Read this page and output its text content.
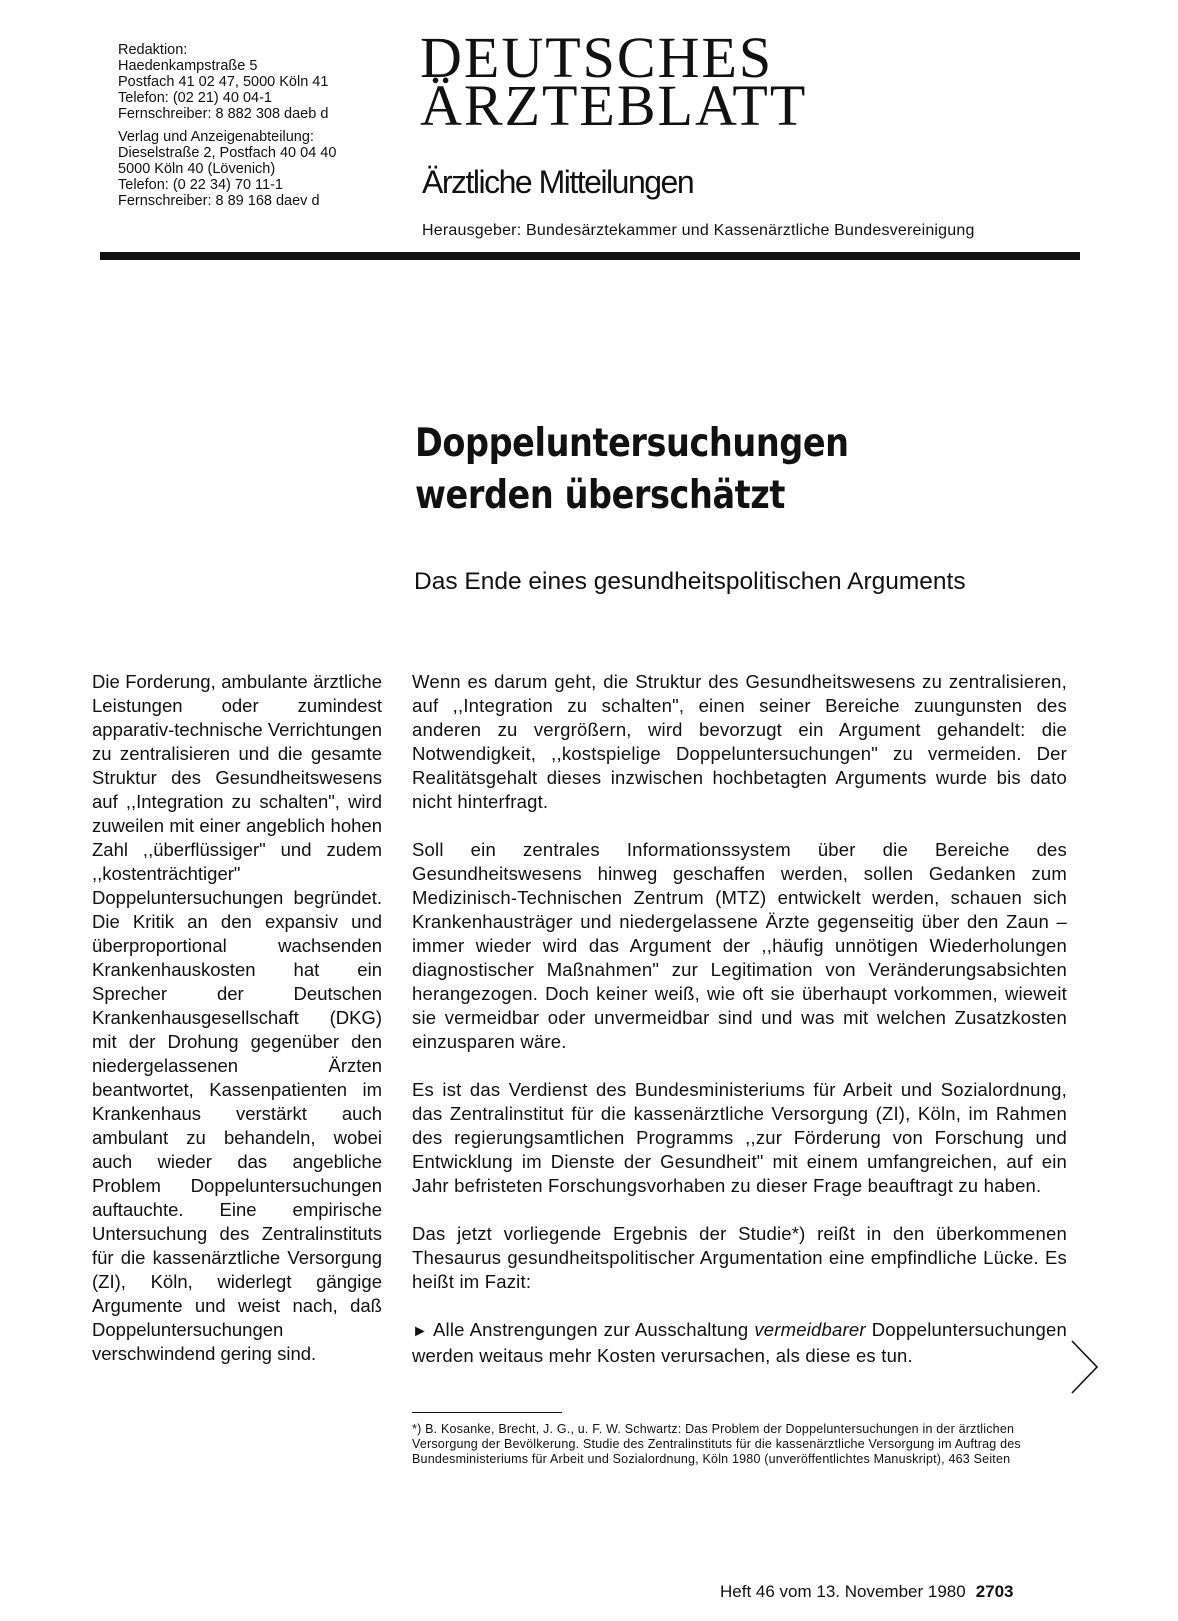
Redaktion:
Haedenkampstraße 5
Postfach 41 02 47, 5000 Köln 41
Telefon: (02 21) 40 04-1
Fernschreiber: 8 882 308 daeb d
Verlag und Anzeigenabteilung:
Dieselstraße 2, Postfach 40 04 40
5000 Köln 40 (Lövenich)
Telefon: (0 22 34) 70 11-1
Fernschreiber: 8 89 168 daev d
DEUTSCHES
ÄRZTEBLATT
Ärztliche Mitteilungen
Herausgeber: Bundesärztekammer und Kassenärztliche Bundesvereinigung
Doppeluntersuchungen
werden überschätzt
Das Ende eines gesundheitspolitischen Arguments
Die Forderung, ambulante ärztliche Leistungen oder zumindest apparativ-technische Verrichtungen zu zentralisieren und die gesamte Struktur des Gesundheitswesens auf ,,Integration zu schalten", wird zuweilen mit einer angeblich hohen Zahl ,,überflüssiger" und zudem ,,kostenträchtiger" Doppeluntersuchungen begründet. Die Kritik an den expansiv und überproportional wachsenden Krankenhauskosten hat ein Sprecher der Deutschen Krankenhausgesellschaft (DKG) mit der Drohung gegenüber den niedergelassenen Ärzten beantwortet, Kassenpatienten im Krankenhaus verstärkt auch ambulant zu behandeln, wobei auch wieder das angebliche Problem Doppeluntersuchungen auftauchte. Eine empirische Untersuchung des Zentralinstituts für die kassenärztliche Versorgung (ZI), Köln, widerlegt gängige Argumente und weist nach, daß Doppeluntersuchungen verschwindend gering sind.

Wenn es darum geht, die Struktur des Gesundheitswesens zu zentralisieren, auf ,,Integration zu schalten", einen seiner Bereiche zuungunsten des anderen zu vergrößern, wird bevorzugt ein Argument gehandelt: die Notwendigkeit, ,,kostspielige Doppeluntersuchungen" zu vermeiden. Der Realitätsgehalt dieses inzwischen hochbetagten Arguments wurde bis dato nicht hinterfragt.

Soll ein zentrales Informationssystem über die Bereiche des Gesundheitswesens hinweg geschaffen werden, sollen Gedanken zum Medizinisch-Technischen Zentrum (MTZ) entwickelt werden, schauen sich Krankenhausträger und niedergelassene Ärzte gegenseitig über den Zaun – immer wieder wird das Argument der ,,häufig unnötigen Wiederholungen diagnostischer Maßnahmen" zur Legitimation von Veränderungsabsichten herangezogen. Doch keiner weiß, wie oft sie überhaupt vorkommen, wieweit sie vermeidbar oder unvermeidbar sind und was mit welchen Zusatzkosten einzusparen wäre.

Es ist das Verdienst des Bundesministeriums für Arbeit und Sozialordnung, das Zentralinstitut für die kassenärztliche Versorgung (ZI), Köln, im Rahmen des regierungsamtlichen Programms ,,zur Förderung von Forschung und Entwicklung im Dienste der Gesundheit" mit einem umfangreichen, auf ein Jahr befristeten Forschungsvorhaben zu dieser Frage beauftragt zu haben.

Das jetzt vorliegende Ergebnis der Studie*) reißt in den überkommenen Thesaurus gesundheitspolitischer Argumentation eine empfindliche Lücke. Es heißt im Fazit:

► Alle Anstrengungen zur Ausschaltung vermeidbarer Doppeluntersuchungen werden weitaus mehr Kosten verursachen, als diese es tun.

*) B. Kosanke, Brecht, J. G., u. F. W. Schwartz: Das Problem der Doppeluntersuchungen in der ärztlichen Versorgung der Bevölkerung. Studie des Zentralinstituts für die kassenärztliche Versorgung im Auftrag des Bundesministeriums für Arbeit und Sozialordnung, Köln 1980 (unveröffentlichtes Manuskript), 463 Seiten
Heft 46 vom 13. November 1980 2703
